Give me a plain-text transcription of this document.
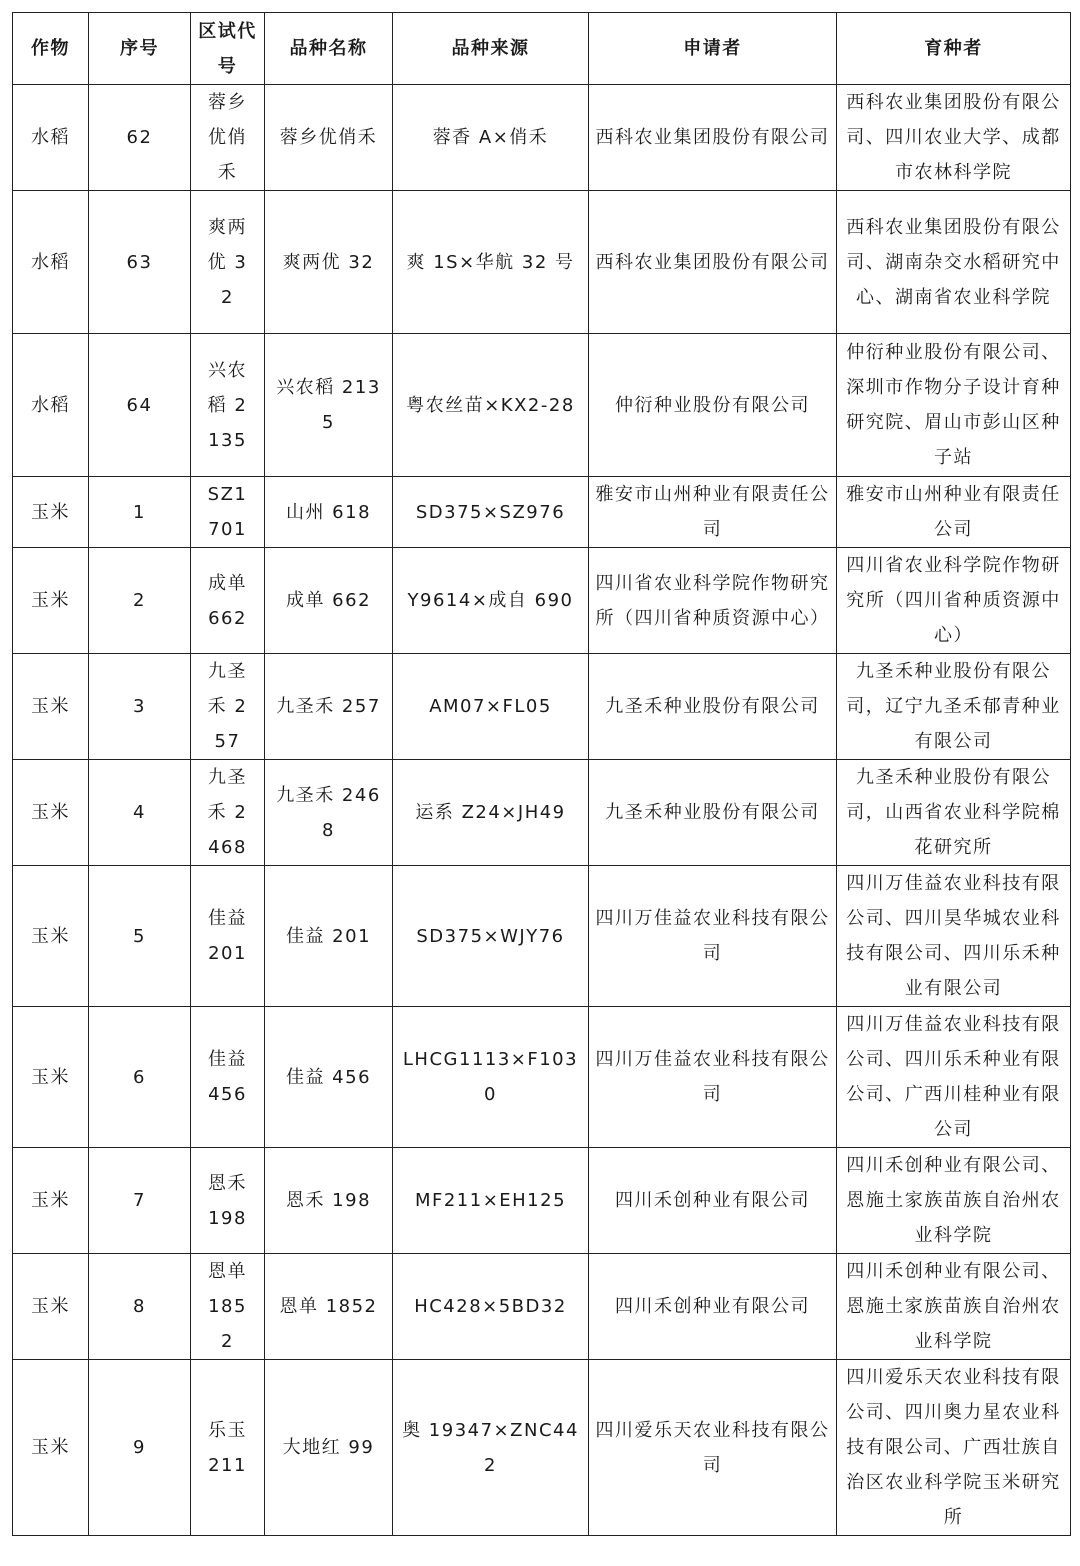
作物	序号	区试代号	品种名称	品种来源	申请者	育种者
水稻	62	蓉乡优俏禾	蓉乡优俏禾	蓉香 A×俏禾	西科农业集团股份有限公司	西科农业集团股份有限公司、四川农业大学、成都市农林科学院
水稻	63	爽两优 32	爽两优 32	爽 1S×华航 32 号	西科农业集团股份有限公司	西科农业集团股份有限公司、湖南杂交水稻研究中心、湖南省农业科学院
水稻	64	兴农稻 2135	兴农稻 2135	粤农丝苗×KX2-28	仲衍种业股份有限公司	仲衍种业股份有限公司、深圳市作物分子设计育种研究院、眉山市彭山区种子站
玉米	1	SZ1701	山州 618	SD375×SZ976	雅安市山州种业有限责任公司	雅安市山州种业有限责任公司
玉米	2	成单 662	成单 662	Y9614×成自 690	四川省农业科学院作物研究所（四川省种质资源中心）	四川省农业科学院作物研究所（四川省种质资源中心）
玉米	3	九圣禾 257	九圣禾 257	AM07×FL05	九圣禾种业股份有限公司	九圣禾种业股份有限公司，辽宁九圣禾郁青种业有限公司
玉米	4	九圣禾 2468	九圣禾 2468	运系 Z24×JH49	九圣禾种业股份有限公司	九圣禾种业股份有限公司，山西省农业科学院棉花研究所
玉米	5	佳益 201	佳益 201	SD375×WJY76	四川万佳益农业科技有限公司	四川万佳益农业科技有限公司、四川昊华城农业科技有限公司、四川乐禾种业有限公司
玉米	6	佳益 456	佳益 456	LHCG1113×F1030	四川万佳益农业科技有限公司	四川万佳益农业科技有限公司、四川乐禾种业有限公司、广西川桂种业有限公司
玉米	7	恩禾 198	恩禾 198	MF211×EH125	四川禾创种业有限公司	四川禾创种业有限公司、恩施土家族苗族自治州农业科学院
玉米	8	恩单 1852	恩单 1852	HC428×5BD32	四川禾创种业有限公司	四川禾创种业有限公司、恩施土家族苗族自治州农业科学院
玉米	9	乐玉 211	大地红 99	奥 19347×ZNC442	四川爱乐天农业科技有限公司	四川爱乐天农业科技有限公司、四川奥力星农业科技有限公司、广西壮族自治区农业科学院玉米研究所
